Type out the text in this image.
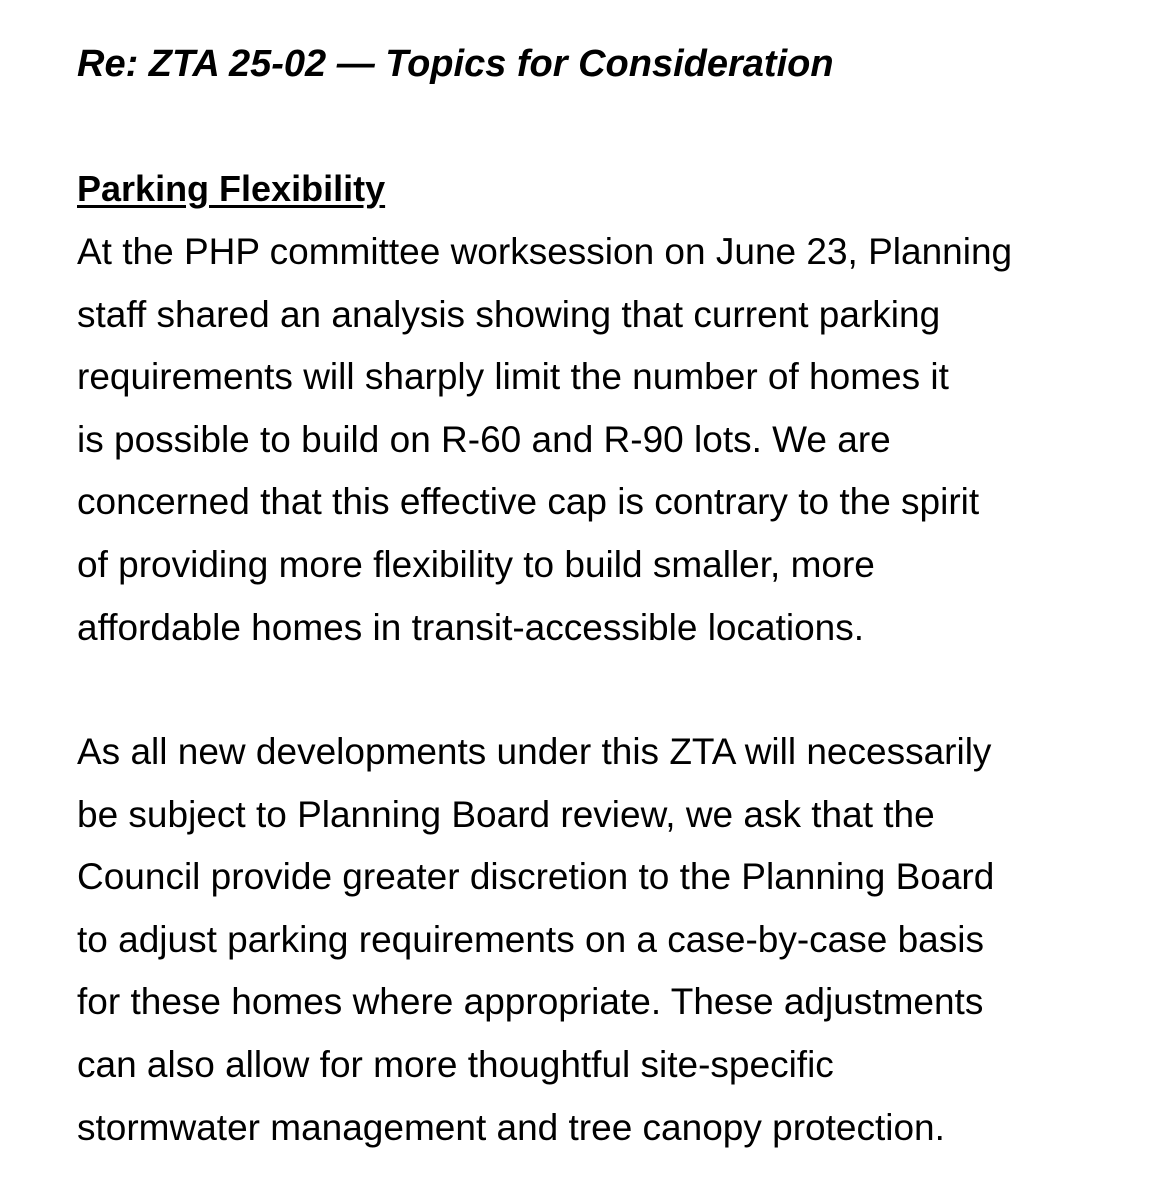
Re: ZTA 25-02 — Topics for Consideration
Parking Flexibility

At the PHP committee worksession on June 23, Planning
staff shared an analysis showing that current parking
requirements will sharply limit the number of homes it
is possible to build on R-60 and R-90 lots. We are
concerned that this effective cap is contrary to the spirit
of providing more flexibility to build smaller, more
affordable homes in transit-accessible locations.

As all new developments under this ZTA will necessarily
be subject to Planning Board review, we ask that the
Council provide greater discretion to the Planning Board
to adjust parking requirements on a case-by-case basis
for these homes where appropriate. These adjustments
can also allow for more thoughtful site-specific
stormwater management and tree canopy protection.
